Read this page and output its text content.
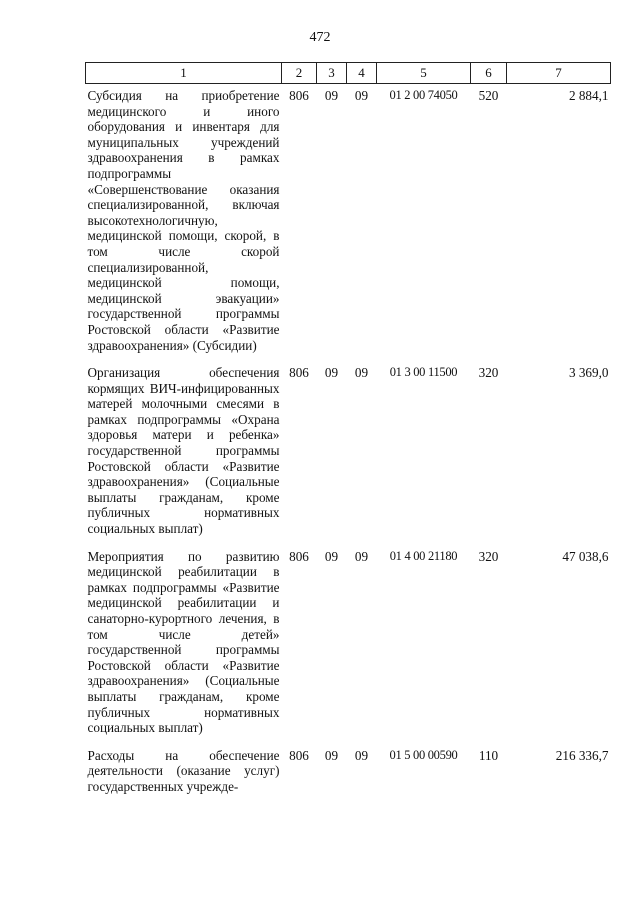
472
1	2	3	4	5	6	7
Субсидия на приобретение медицинского и иного оборудования и инвентаря для муниципальных учреждений здравоохранения в рамках подпрограммы «Совершенствование оказания специализированной, включая высокотехнологичную, медицинской помощи, скорой, в том числе скорой специализированной, медицинской помощи, медицинской эвакуации» государственной программы Ростовской области «Развитие здравоохранения» (Субсидии)	806	09	09	01 2 00 74050	520	2 884,1
Организация обеспечения кормящих ВИЧ-инфицированных матерей молочными смесями в рамках подпрограммы «Охрана здоровья матери и ребенка» государственной программы Ростовской области «Развитие здравоохранения» (Социальные выплаты гражданам, кроме публичных нормативных социальных выплат)	806	09	09	01 3 00 11500	320	3 369,0
Мероприятия по развитию медицинской реабилитации в рамках подпрограммы «Развитие медицинской реабилитации и санаторно-курортного лечения, в том числе детей» государственной программы Ростовской области «Развитие здравоохранения» (Социальные выплаты гражданам, кроме публичных нормативных социальных выплат)	806	09	09	01 4 00 21180	320	47 038,6
Расходы на обеспечение деятельности (оказание услуг) государственных учрежде-	806	09	09	01 5 00 00590	110	216 336,7
